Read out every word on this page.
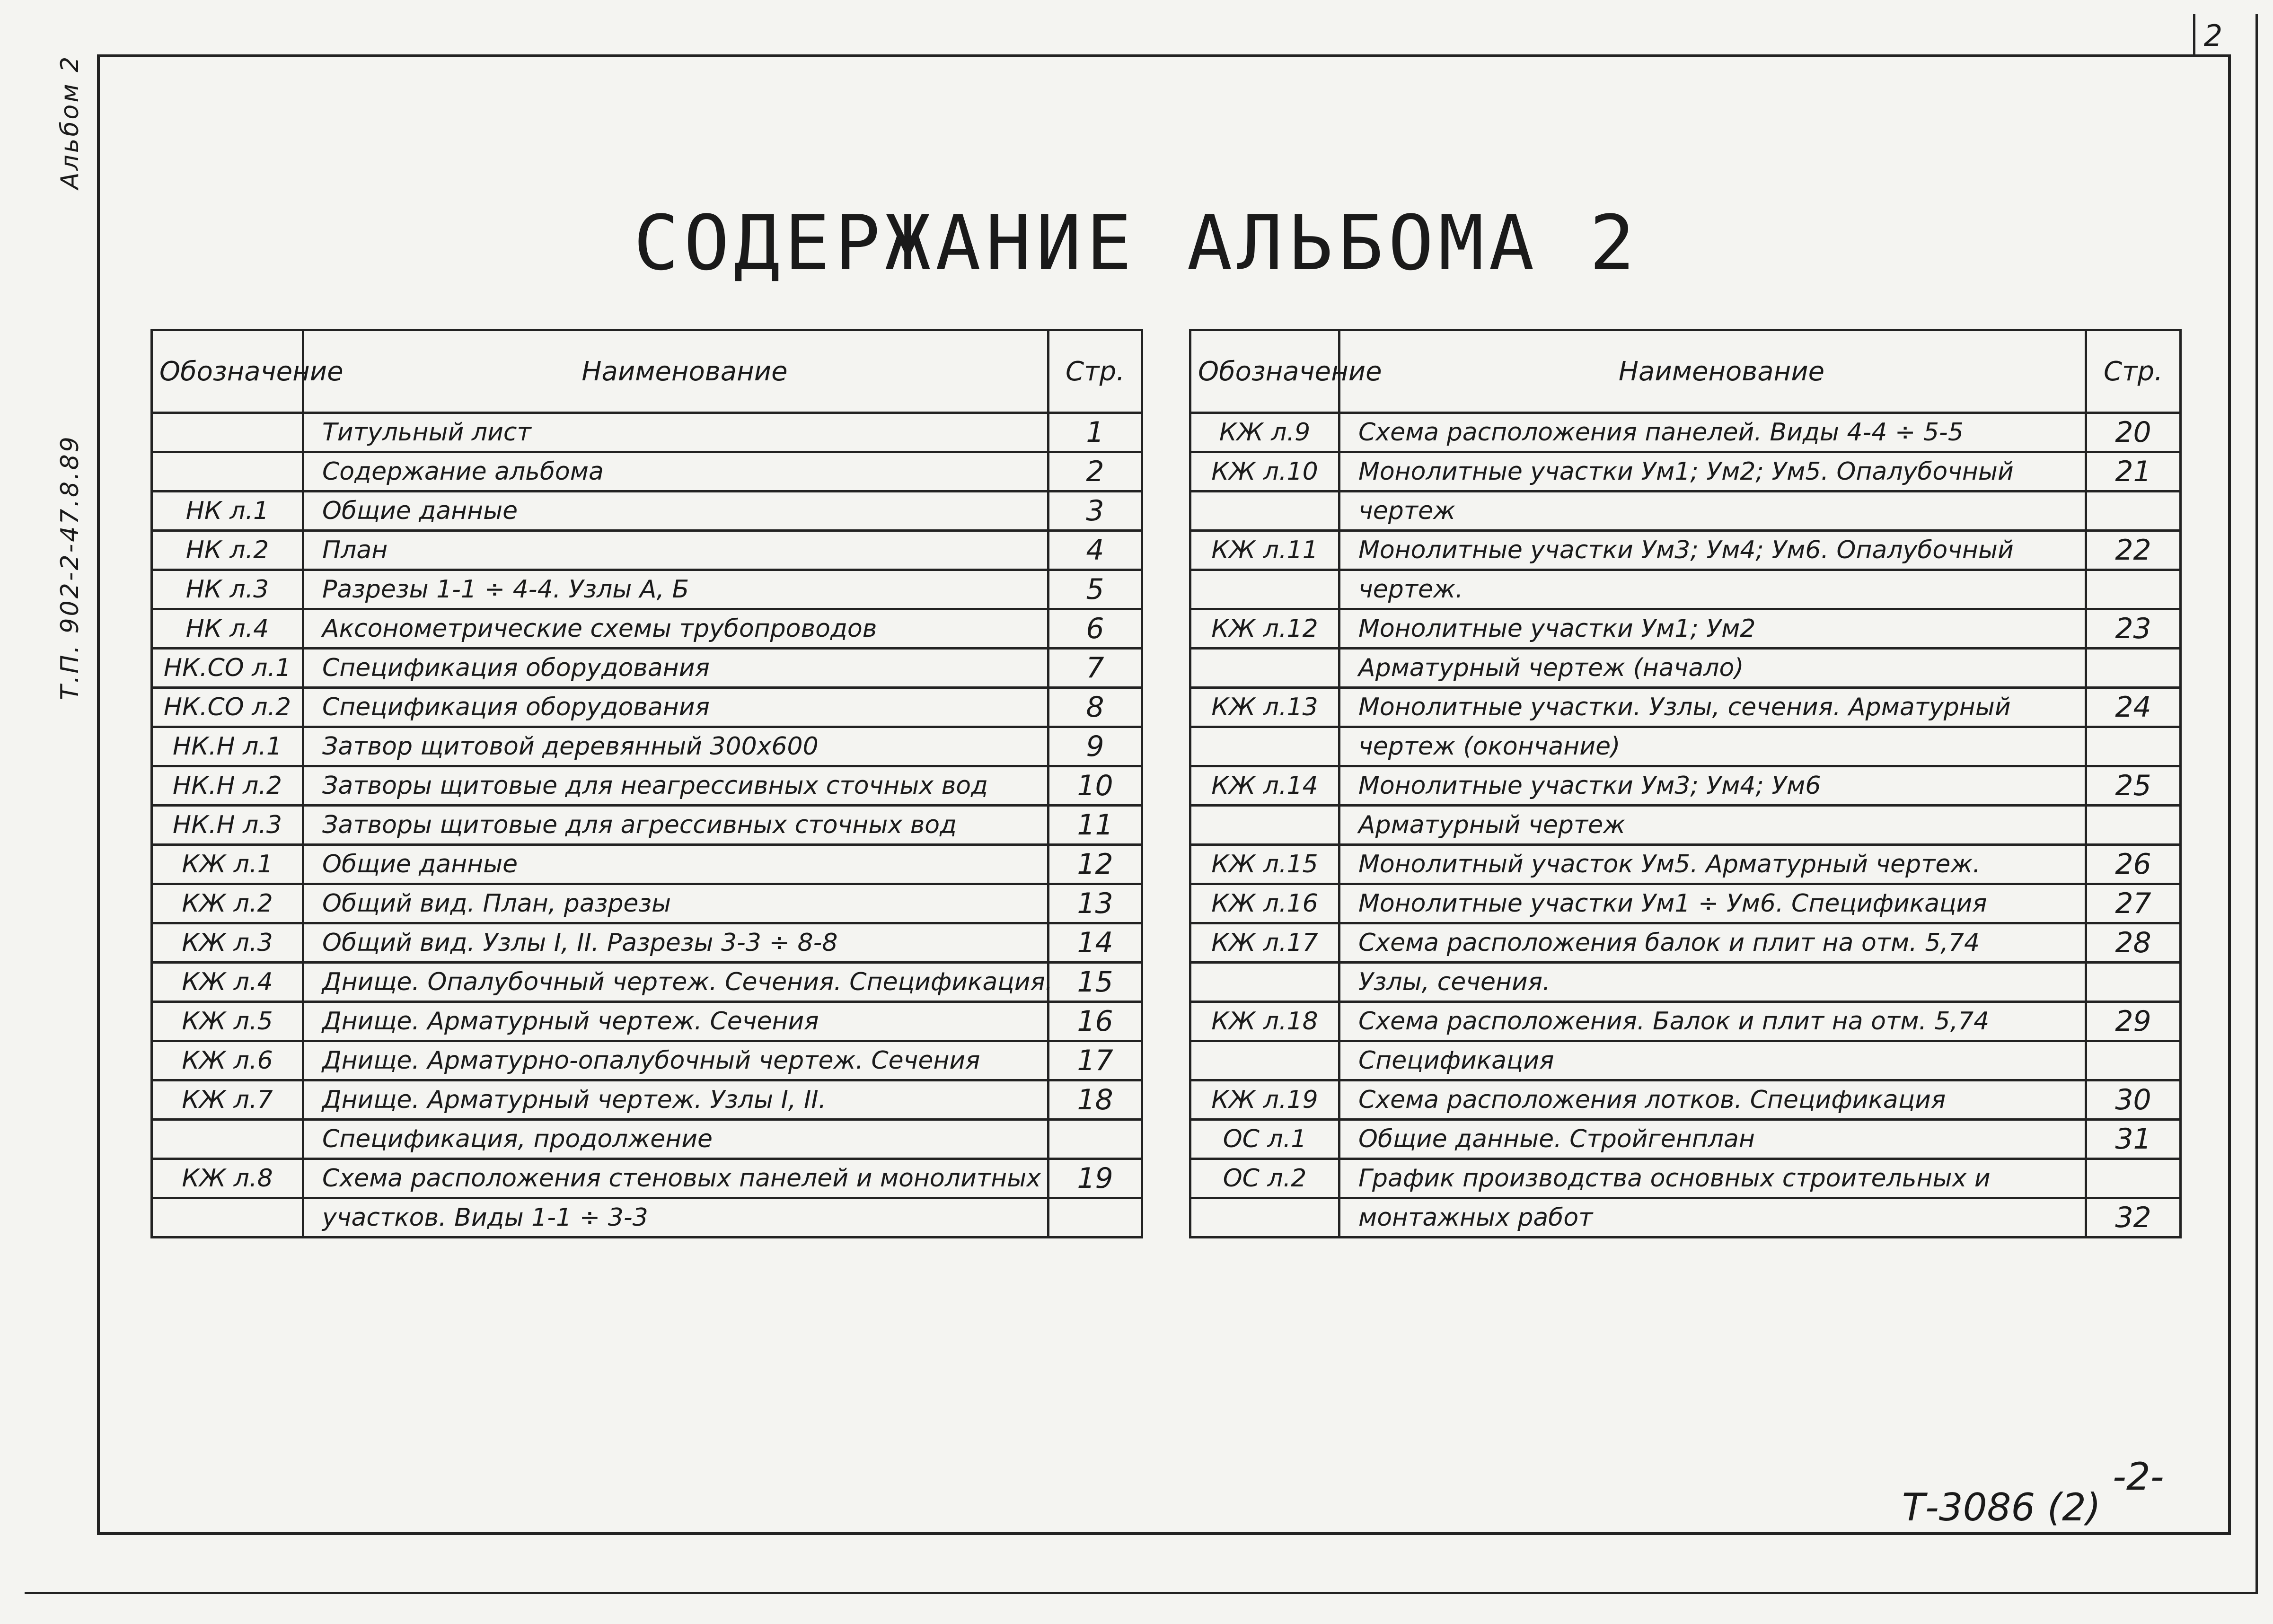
2
Альбом 2
Т.П. 902-2-47.8.89
СОДЕРЖАНИЕ АЛЬБОМА 2
Обозначение	Наименование	Стр.
	Титульный лист	1
	Содержание альбома	2
НК л.1	Общие данные	3
НК л.2	План	4
НК л.3	Разрезы 1-1 ÷ 4-4. Узлы А, Б	5
НК л.4	Аксонометрические схемы трубопроводов	6
НК.СО л.1	Спецификация оборудования	7
НК.СО л.2	Спецификация оборудования	8
НК.Н л.1	Затвор щитовой деревянный 300х600	9
НК.Н л.2	Затворы щитовые для неагрессивных сточных вод	10
НК.Н л.3	Затворы щитовые для агрессивных сточных вод	11
КЖ л.1	Общие данные	12
КЖ л.2	Общий вид. План, разрезы	13
КЖ л.3	Общий вид. Узлы I, II. Разрезы 3-3 ÷ 8-8	14
КЖ л.4	Днище. Опалубочный чертеж. Сечения. Спецификация.	15
КЖ л.5	Днище. Арматурный чертеж. Сечения	16
КЖ л.6	Днище. Арматурно-опалубочный чертеж. Сечения	17
КЖ л.7	Днище. Арматурный чертеж. Узлы I, II.	18
	Спецификация, продолжение	
КЖ л.8	Схема расположения стеновых панелей и монолитных	19
	участков. Виды 1-1 ÷ 3-3	
Обозначение	Наименование	Стр.
КЖ л.9	Схема расположения панелей. Виды 4-4 ÷ 5-5	20
КЖ л.10	Монолитные участки Ум1; Ум2; Ум5. Опалубочный	21
	чертеж	
КЖ л.11	Монолитные участки Ум3; Ум4; Ум6. Опалубочный	22
	чертеж.	
КЖ л.12	Монолитные участки Ум1; Ум2	23
	Арматурный чертеж (начало)	
КЖ л.13	Монолитные участки. Узлы, сечения. Арматурный	24
	чертеж (окончание)	
КЖ л.14	Монолитные участки Ум3; Ум4; Ум6	25
	Арматурный чертеж	
КЖ л.15	Монолитный участок Ум5. Арматурный чертеж.	26
КЖ л.16	Монолитные участки Ум1 ÷ Ум6. Спецификация	27
КЖ л.17	Схема расположения балок и плит на отм. 5,74	28
	Узлы, сечения.	
КЖ л.18	Схема расположения. Балок и плит на отм. 5,74	29
	Спецификация	
КЖ л.19	Схема расположения лотков. Спецификация	30
ОС л.1	Общие данные. Стройгенплан	31
ОС л.2	График производства основных строительных и	
	монтажных работ	32
-2-
Т-3086 (2)
